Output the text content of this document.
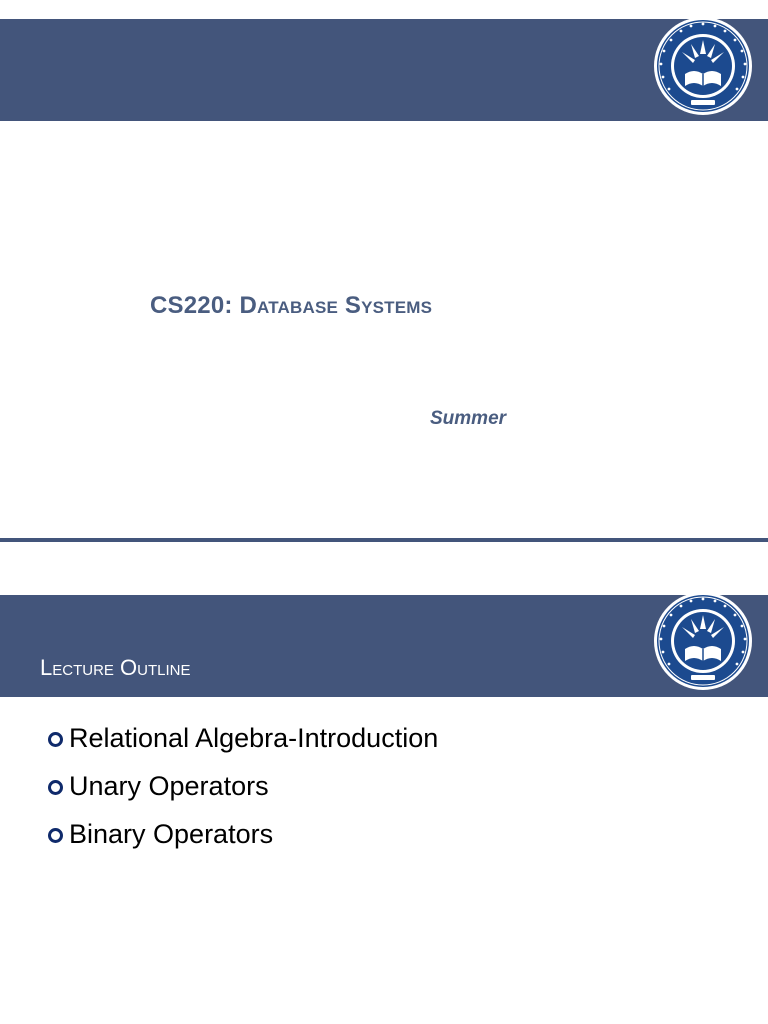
CS220: Database Systems
Summer
Lecture Outline
Relational Algebra-Introduction
Unary Operators
Binary Operators
